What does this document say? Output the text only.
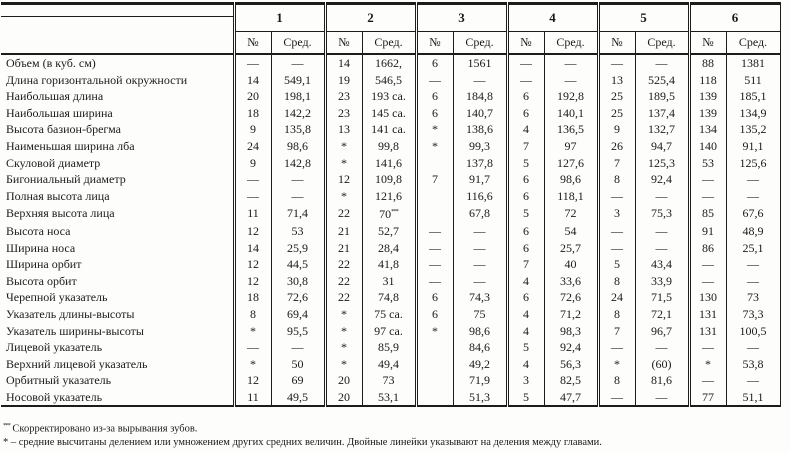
	1		2		3		4		5		6	
	№	Сред.	№	Сред.	№	Сред.	№	Сред.	№	Сред.	№	Сред.
Объем (в куб. см)	—	—	14	1662,	6	1561	—	—	—	—	88	1381
Длина горизонтальной окружности	14	549,1	19	546,5	—	—	—	—	13	525,4	118	511
Наибольшая длина	20	198,1	23	193 ca.	6	184,8	6	192,8	25	189,5	139	185,1
Наибольшая ширина	18	142,2	23	145 ca.	6	140,7	6	140,1	25	137,4	139	134,9
Высота базион-брегма	9	135,8	13	141 ca.	*	138,6	4	136,5	9	132,7	134	135,2
Наименьшая ширина лба	24	98,6	*	99,8	*	99,3	7	97	26	94,7	140	91,1
Скуловой диаметр	9	142,8	*	141,6		137,8	5	127,6	7	125,3	53	125,6
Бигониальный диаметр	—	—	12	109,8	7	91,7	6	98,6	8	92,4	—	—
Полная высота лица	—	—	*	121,6		116,6	6	118,1	—	—	—	—
Верхняя высота лица	11	71,4	22	70***		67,8	5	72	3	75,3	85	67,6
Высота носа	12	53	21	52,7	—	—	6	54	—	—	91	48,9
Ширина носа	14	25,9	21	28,4	—	—	6	25,7	—	—	86	25,1
Ширина орбит	12	44,5	22	41,8	—	—	7	40	5	43,4	—	—
Высота орбит	12	30,8	22	31	—	—	4	33,6	8	33,9	—	—
Черепной указатель	18	72,6	22	74,8	6	74,3	6	72,6	24	71,5	130	73
Указатель длины-высоты	8	69,4	*	75 ca.	6	75	4	71,2	8	72,1	131	73,3
Указатель ширины-высоты	*	95,5	*	97 ca.	*	98,6	4	98,3	7	96,7	131	100,5
Лицевой указатель	—	—	*	85,9		84,6	5	92,4	—	—	—	—
Верхний лицевой указатель	*	50	*	49,4		49,2	4	56,3	*	(60)	*	53,8
Орбитный указатель	12	69	20	73		71,9	3	82,5	8	81,6	—	—
Носовой указатель	11	49,5	20	53,1		51,3	5	47,7	—	—	77	51,1
*** Скорректировано из-за вырывания зубов.
* – средние высчитаны делением или умножением других средних величин. Двойные линейки указывают на деления между главами.
